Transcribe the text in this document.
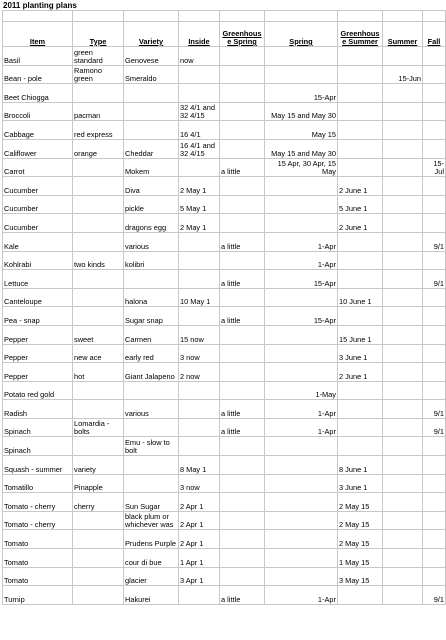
2011 planting plans

Item	Type	Variety	Inside	Greenhouse Spring	Spring	Greenhouse Summer	Summer	Fall
Basil	green standard	Genovese	now					
Bean - pole	Ramono green	Smeraldo					15-Jun	
Beet Chiogga					15-Apr			
Broccoli	pacman		32 4/1 and 32 4/15		May 15 and May 30			
Cabbage	red express		16 4/1		May 15			
Califlower	orange	Cheddar	16 4/1 and 32 4/15		May 15 and May 30			
Carrot		Mokem		a little	15 Apr, 30 Apr, 15 May			15-Jul
Cucumber		Diva	2 May 1			2 June 1		
Cucumber		pickle	5 May 1			5 June 1		
Cucumber		dragons egg	2 May 1			2 June 1		
Kale		various		a little	1-Apr			9/1
Kohlrabi	two kinds	kolibri			1-Apr			
Lettuce				a little	15-Apr			9/1
Canteloupe		halona	10 May 1			10 June 1		
Pea - snap		Sugar snap		a little	15-Apr			
Pepper	sweet	Carmen	15 now			15 June 1		
Pepper	new ace	early red	3 now			3 June 1		
Pepper	hot	Giant Jalapeno	2 now			2 June 1		
Potato red gold					1-May			
Radish		various		a little	1-Apr			9/1
Spinach	Lomardia -bolts			a little	1-Apr			9/1
Spinach		Emu - slow to bolt						
Squash - summer	variety		8 May 1			8 June 1		
Tomatillo	Pinapple		3 now			3 June 1		
Tomato - cherry	cherry	Sun Sugar	2 Apr 1			2 May 15		
Tomato - cherry		black plum or whichever was	2 Apr 1			2 May 15		
Tomato		Prudens Purple	2 Apr 1			2 May 15		
Tomato		cour di bue	1 Apr 1			1 May 15		
Tomato		glacier	3 Apr 1			3 May 15		
Turnip		Hakurei		a little	1-Apr			9/1
